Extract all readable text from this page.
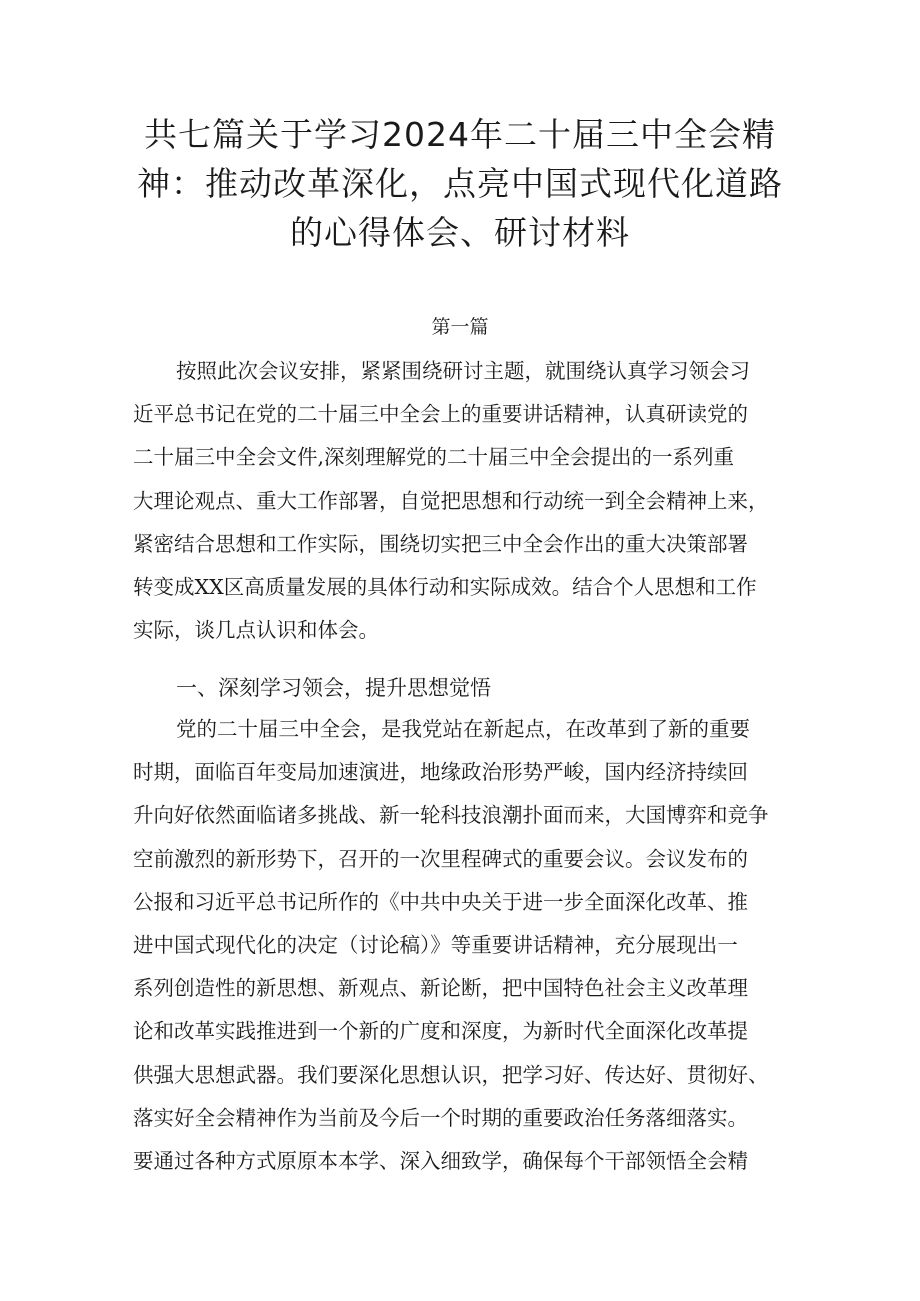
共七篇关于学习2024年二十届三中全会精
神：推动改革深化，点亮中国式现代化道路
的心得体会、研讨材料
第一篇

按照此次会议安排，紧紧围绕研讨主题，就围绕认真学习领会习
近平总书记在党的二十届三中全会上的重要讲话精神，认真研读党的
二十届三中全会文件,深刻理解党的二十届三中全会提出的一系列重
大理论观点、重大工作部署，自觉把思想和行动统一到全会精神上来，
紧密结合思想和工作实际，围绕切实把三中全会作出的重大决策部署
转变成XX区高质量发展的具体行动和实际成效。结合个人思想和工作
实际，谈几点认识和体会。

一、深刻学习领会，提升思想觉悟

党的二十届三中全会，是我党站在新起点，在改革到了新的重要
时期，面临百年变局加速演进，地缘政治形势严峻，国内经济持续回
升向好依然面临诸多挑战、新一轮科技浪潮扑面而来，大国博弈和竞争
空前激烈的新形势下，召开的一次里程碑式的重要会议。会议发布的
公报和习近平总书记所作的《中共中央关于进一步全面深化改革、推
进中国式现代化的决定（讨论稿）》等重要讲话精神，充分展现出一
系列创造性的新思想、新观点、新论断，把中国特色社会主义改革理
论和改革实践推进到一个新的广度和深度，为新时代全面深化改革提
供强大思想武器。我们要深化思想认识，把学习好、传达好、贯彻好、
落实好全会精神作为当前及今后一个时期的重要政治任务落细落实。
要通过各种方式原原本本学、深入细致学，确保每个干部领悟全会精
